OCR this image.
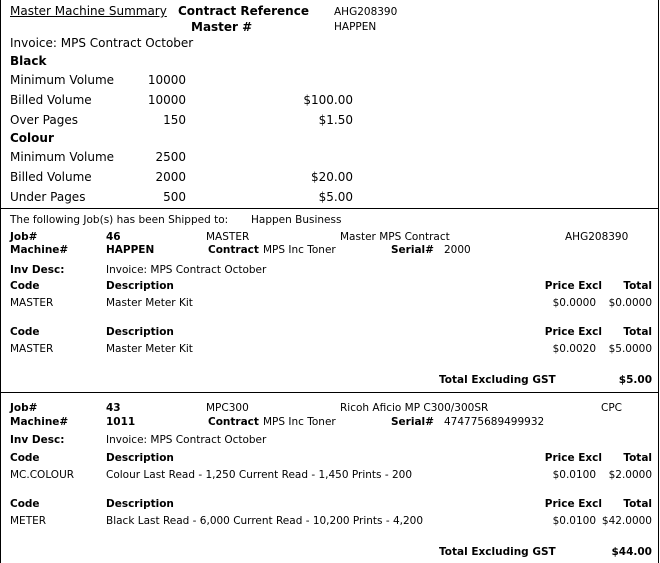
Master Machine Summary Contract Reference AHG208390
Master #	HAPPEN
Invoice: MPS Contract October
Black
Minimum Volume	10000
Billed Volume	10000	$100.00
Over Pages	150	$1.50
Colour
Minimum Volume	2500
Billed Volume	2000	$20.00
Under Pages	500	$5.00
The following Job(s) has been Shipped to: Happen Business
Job#	46	MASTER	Master MPS Contract	AHG208390
Machine#	HAPPEN	Contract MPS Inc Toner	Serial# 2000
Inv Desc:	Invoice: MPS Contract October
Code	Description	Price Excl Total
MASTER	Master Meter Kit	$0.0000 $0.0000
Code	Description	Price Excl Total
MASTER	Master Meter Kit	$0.0020 $5.0000
Total Excluding GST	$5.00
Job#	43	MPC300	Ricoh Aficio MP C300/300SR	CPC
Machine#	1011	Contract MPS Inc Toner	Serial# 474775689499932
Inv Desc:	Invoice: MPS Contract October
Code	Description	Price Excl Total
MC.COLOUR	Colour Last Read - 1,250 Current Read - 1,450 Prints - 200	$0.0100 $2.0000
Code	Description	Price Excl Total
METER	Black Last Read - 6,000 Current Read - 10,200 Prints - 4,200	$0.0100 $42.0000
Total Excluding GST	$44.00
